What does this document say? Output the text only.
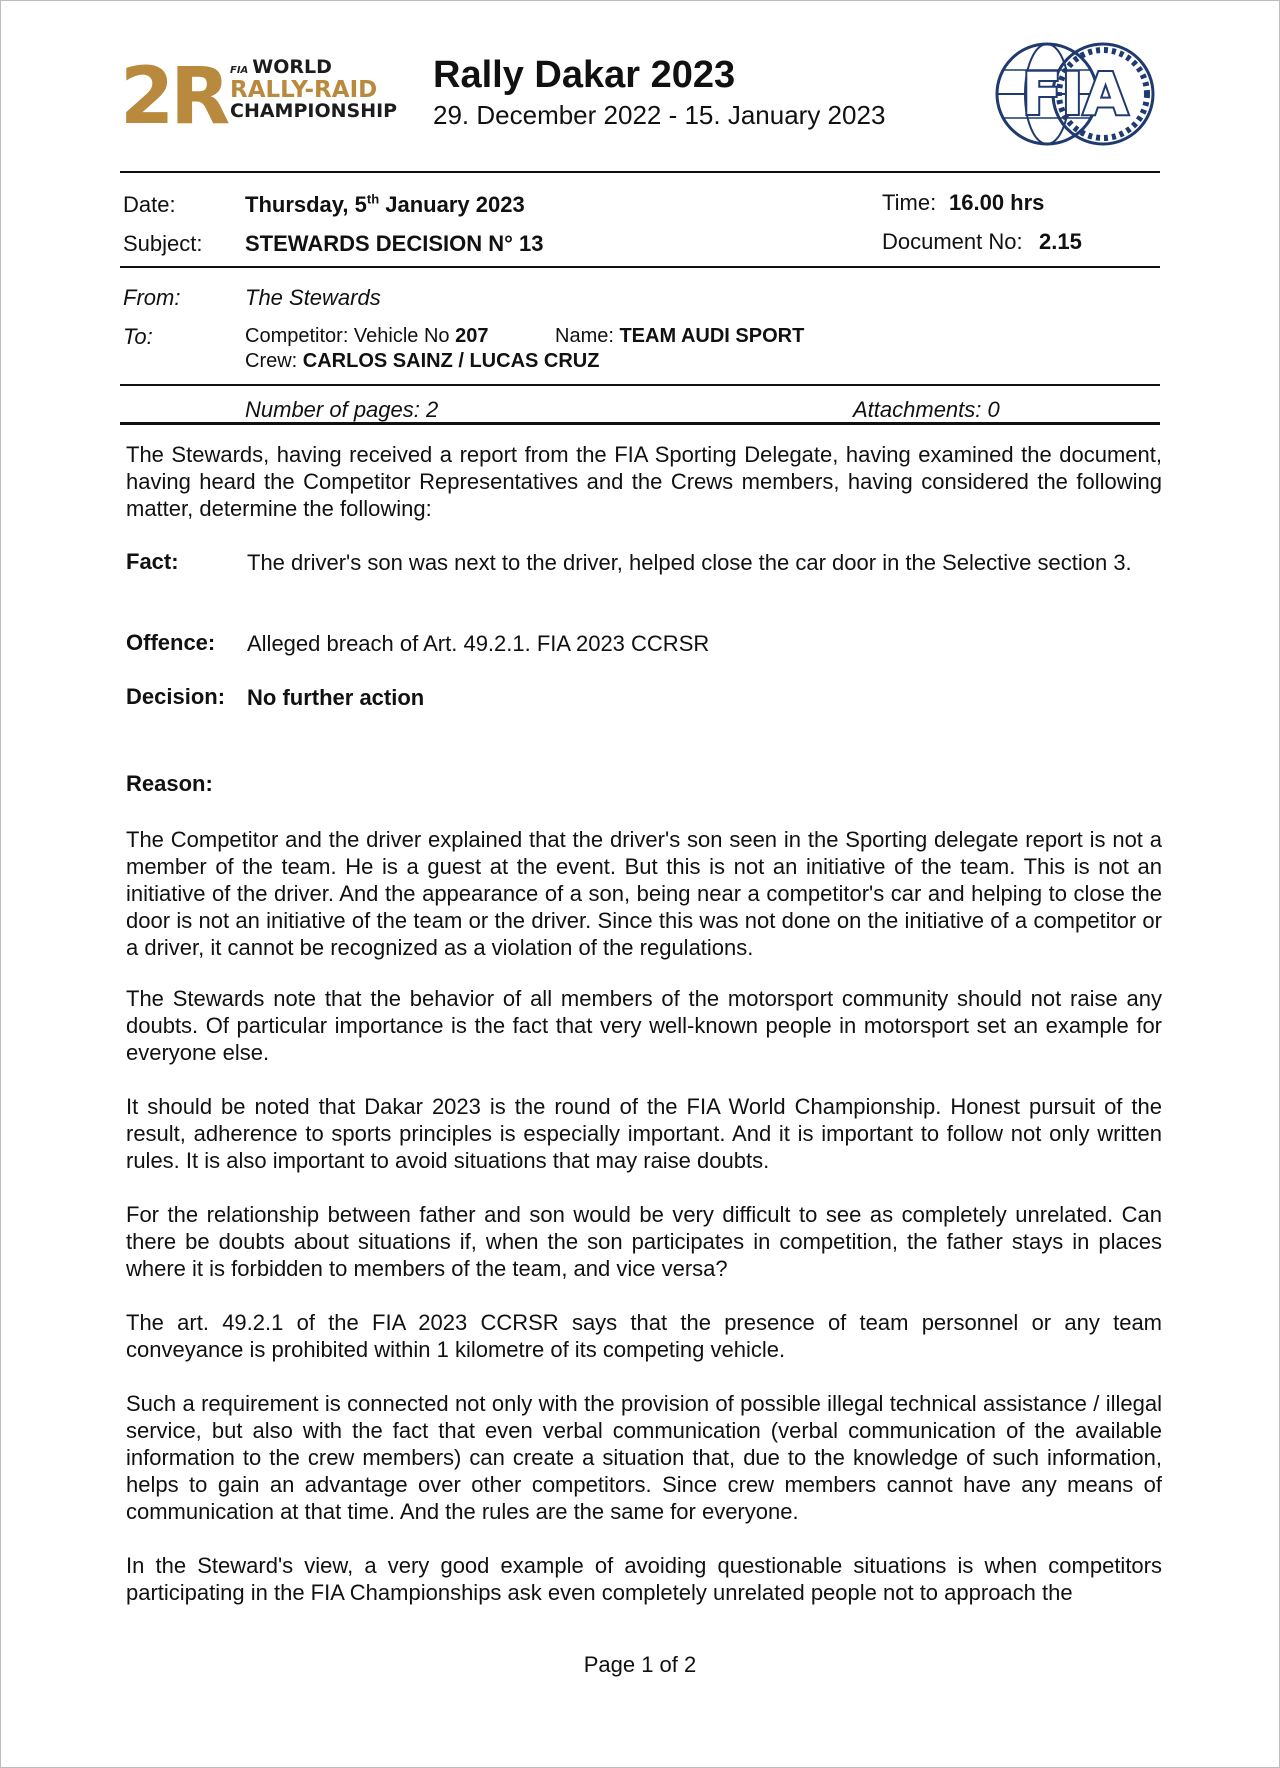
2R FIA WORLD
RALLY-RAID
CHAMPIONSHIP
Rally Dakar 2023
29. December 2022 - 15. January 2023 FIA
Date:	Thursday, 5th January 2023	Time: 16.00 hrs
Subject: STEWARDS DECISION N° 13	Document No: 2.15
From:	The Stewards
To:	Competitor: Vehicle No 207	Name: TEAM AUDI SPORT
Crew: CARLOS SAINZ / LUCAS CRUZ
Number of pages: 2	Attachments: 0
The Stewards, having received a report from the FIA Sporting Delegate, having examined the document, having heard the Competitor Representatives and the Crews members, having considered the following matter, determine the following:
Fact:	The driver's son was next to the driver, helped close the car door in the Selective section 3.
Offence: Alleged breach of Art. 49.2.1. FIA 2023 CCRSR
Decision: No further action
Reason:
The Competitor and the driver explained that the driver's son seen in the Sporting delegate report is not a member of the team. He is a guest at the event. But this is not an initiative of the team. This is not an initiative of the driver. And the appearance of a son, being near a competitor's car and helping to close the door is not an initiative of the team or the driver. Since this was not done on the initiative of a competitor or a driver, it cannot be recognized as a violation of the regulations.
The Stewards note that the behavior of all members of the motorsport community should not raise any doubts. Of particular importance is the fact that very well-known people in motorsport set an example for everyone else.
It should be noted that Dakar 2023 is the round of the FIA World Championship. Honest pursuit of the result, adherence to sports principles is especially important. And it is important to follow not only written rules. It is also important to avoid situations that may raise doubts.
For the relationship between father and son would be very difficult to see as completely unrelated. Can there be doubts about situations if, when the son participates in competition, the father stays in places where it is forbidden to members of the team, and vice versa?
The art. 49.2.1 of the FIA 2023 CCRSR says that the presence of team personnel or any team conveyance is prohibited within 1 kilometre of its competing vehicle.
Such a requirement is connected not only with the provision of possible illegal technical assistance / illegal service, but also with the fact that even verbal communication (verbal communication of the available information to the crew members) can create a situation that, due to the knowledge of such information, helps to gain an advantage over other competitors. Since crew members cannot have any means of communication at that time. And the rules are the same for everyone.
In the Steward's view, a very good example of avoiding questionable situations is when competitors participating in the FIA Championships ask even completely unrelated people not to approach the
Page 1 of 2
